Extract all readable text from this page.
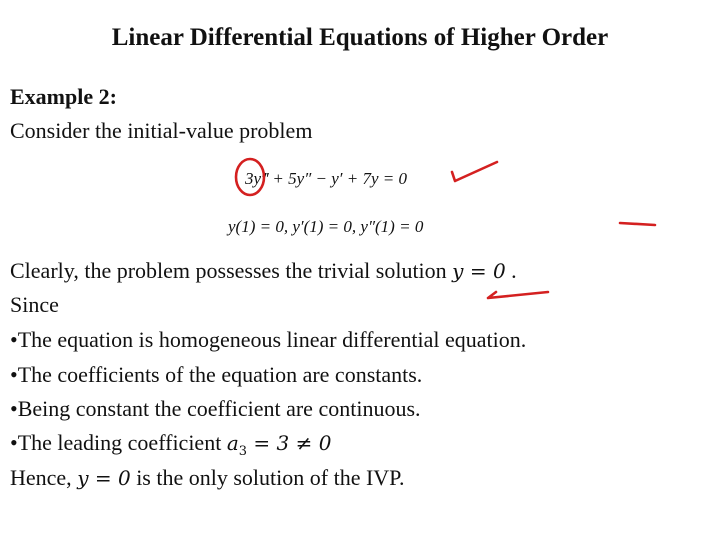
Linear Differential Equations of Higher Order
Example 2:
Consider the initial-value problem
3y‴ + 5y″ − y′ + 7y = 0
y(1) = 0, y′(1) = 0, y″(1) = 0
Clearly, the problem possesses the trivial solution y = 0 .
Since
•The equation is homogeneous linear differential equation.
•The coefficients of the equation are constants.
•Being constant the coefficient are continuous.
•The leading coefficient $a_3 = 3 \ne 0$
Hence, y = 0 is the only solution of the IVP.
